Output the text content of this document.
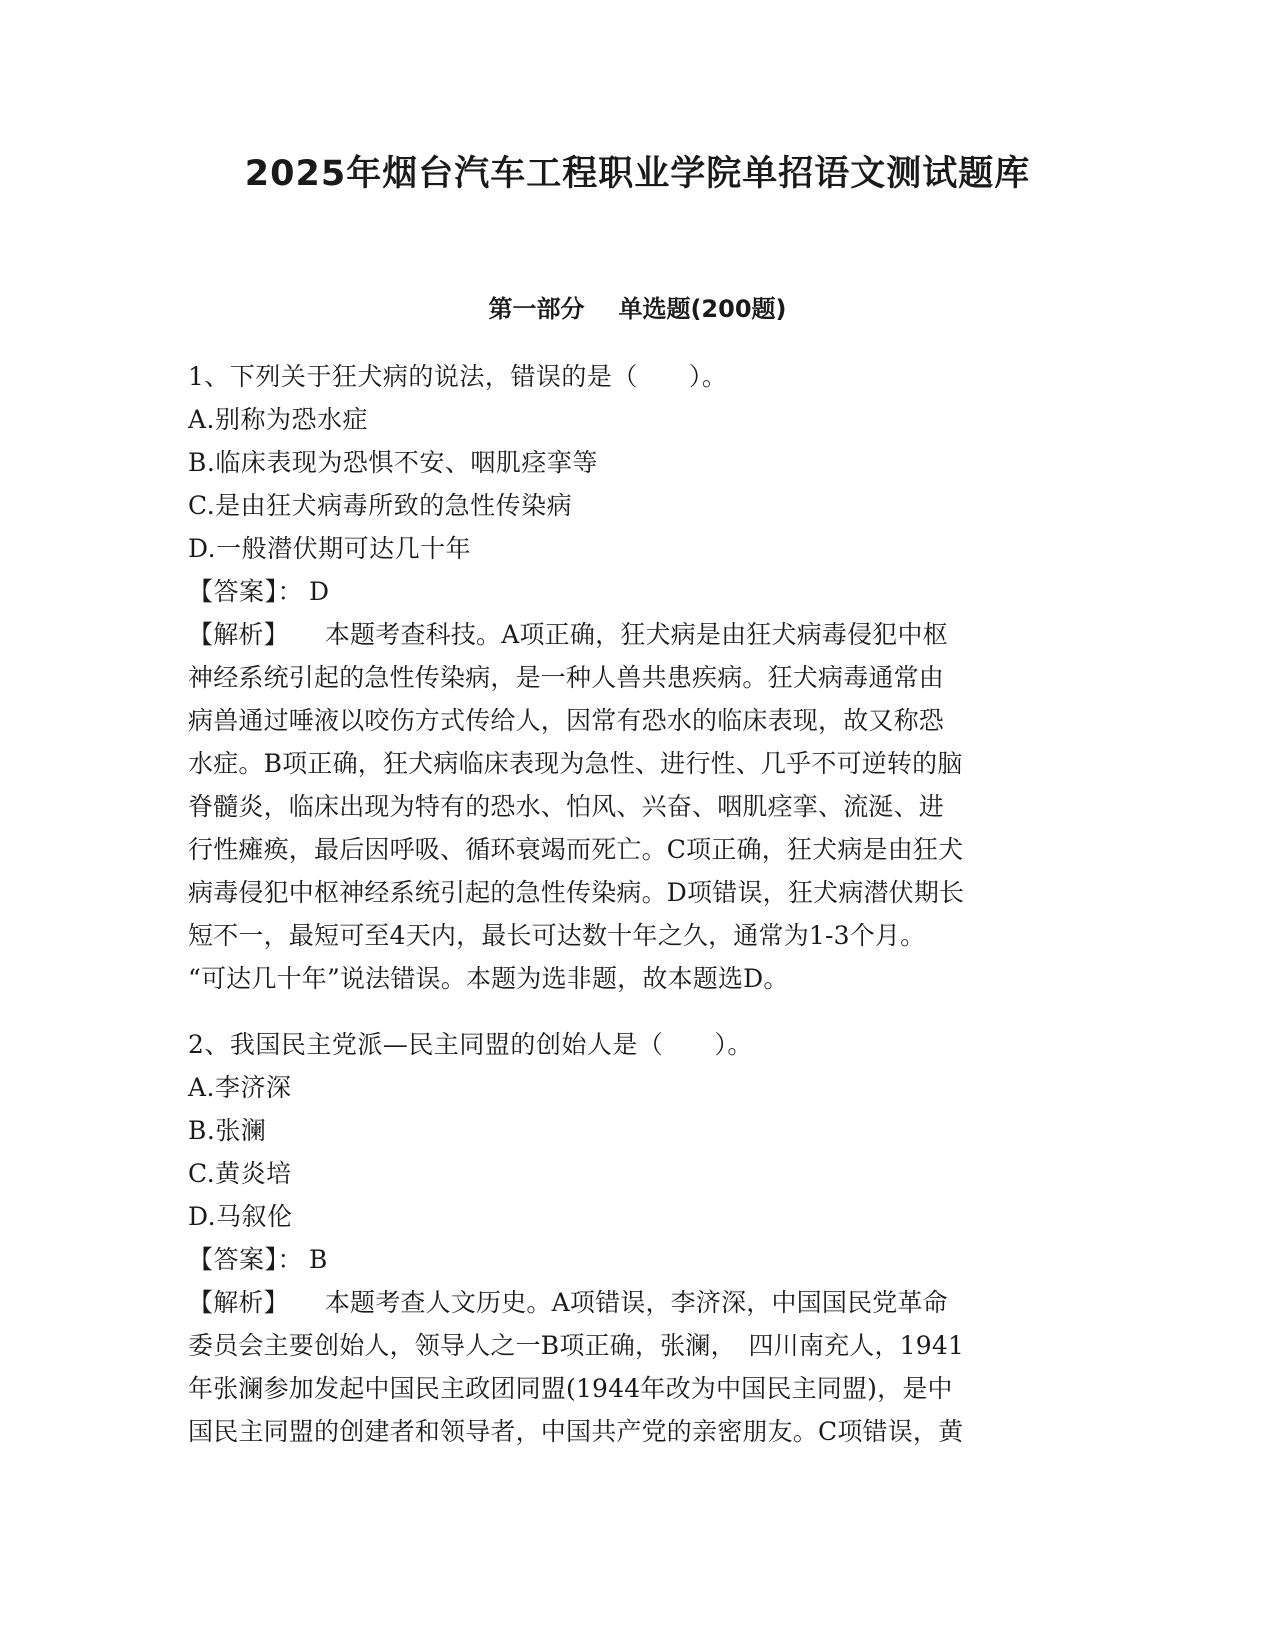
2025年烟台汽车工程职业学院单招语文测试题库
第一部分 单选题(200题)
1、下列关于狂犬病的说法，错误的是（　　）。
A.别称为恐水症
B.临床表现为恐惧不安、咽肌痉挛等
C.是由狂犬病毒所致的急性传染病
D.一般潜伏期可达几十年
【答案】： D
【解析】 本题考查科技。A项正确，狂犬病是由狂犬病毒侵犯中枢
神经系统引起的急性传染病，是一种人兽共患疾病。狂犬病毒通常由
病兽通过唾液以咬伤方式传给人，因常有恐水的临床表现，故又称恐
水症。B项正确，狂犬病临床表现为急性、进行性、几乎不可逆转的脑
脊髓炎，临床出现为特有的恐水、怕风、兴奋、咽肌痉挛、流涎、进
行性瘫痪，最后因呼吸、循环衰竭而死亡。C项正确，狂犬病是由狂犬
病毒侵犯中枢神经系统引起的急性传染病。D项错误，狂犬病潜伏期长
短不一，最短可至4天内，最长可达数十年之久，通常为1-3个月。
“可达几十年”说法错误。本题为选非题，故本题选D。
2、我国民主党派—民主同盟的创始人是（　　）。
A.李济深
B.张澜
C.黄炎培
D.马叙伦
【答案】： B
【解析】 本题考查人文历史。A项错误，李济深，中国国民党革命
委员会主要创始人，领导人之一B项正确，张澜，　四川南充人，1941
年张澜参加发起中国民主政团同盟(1944年改为中国民主同盟)，是中
国民主同盟的创建者和领导者，中国共产党的亲密朋友。C项错误，黄
